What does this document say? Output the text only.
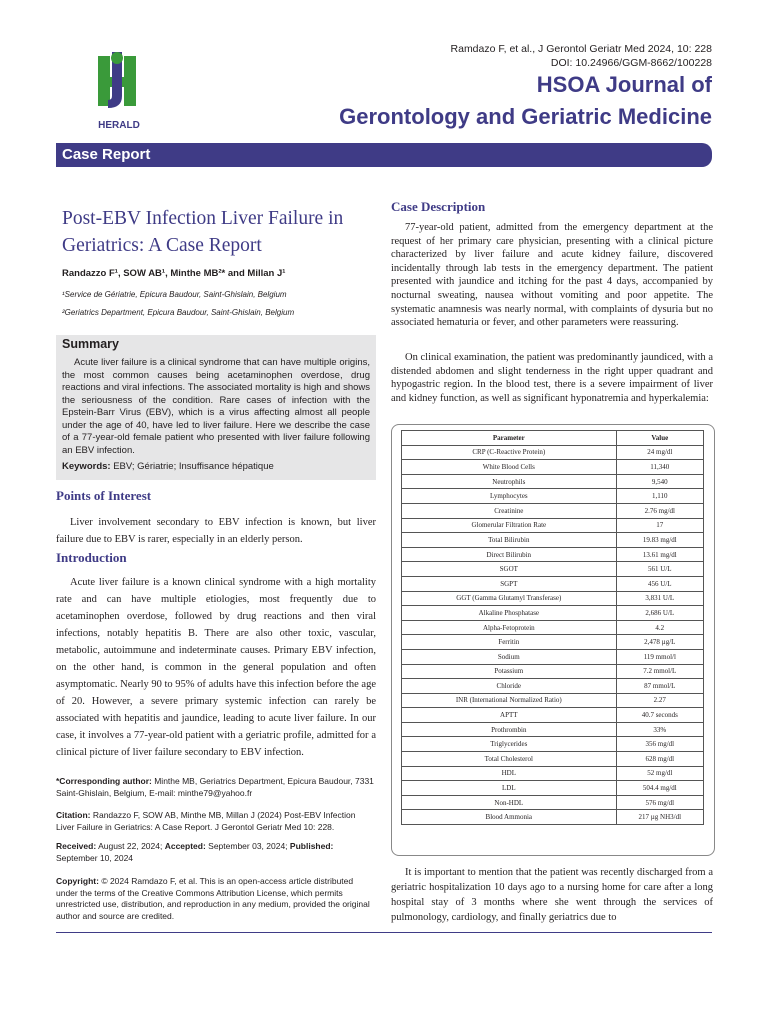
Ramdazo F, et al., J Gerontol Geriatr Med 2024, 10: 228
DOI: 10.24966/GGM-8662/100228
HERALD
HSOA Journal of
Gerontology and Geriatric Medicine
Case Report
Post-EBV Infection Liver Failure in Geriatrics: A Case Report
Randazzo F¹, SOW AB¹, Minthe MB²* and Millan J¹
¹Service de Gériatrie, Epicura Baudour, Saint-Ghislain, Belgium
²Geriatrics Department, Epicura Baudour, Saint-Ghislain, Belgium
Summary
Acute liver failure is a clinical syndrome that can have multiple origins, the most common causes being acetaminophen overdose, drug reactions and viral infections. The associated mortality is high and shows the seriousness of the condition. Rare cases of infection with the Epstein-Barr Virus (EBV), which is a virus affecting almost all people under the age of 40, have led to liver failure. Here we describe the case of a 77-year-old female patient who presented with liver failure following an EBV infection.
Keywords: EBV; Gériatrie; Insuffisance hépatique
Points of Interest
Liver involvement secondary to EBV infection is known, but liver failure due to EBV is rarer, especially in an elderly person.
Introduction
Acute liver failure is a known clinical syndrome with a high mortality rate and can have multiple etiologies, most frequently due to acetaminophen overdose, followed by drug reactions and then viral infections, notably hepatitis B. There are also other toxic, vascular, metabolic, autoimmune and indeterminate causes. Primary EBV infection, on the other hand, is common in the general population and often asymptomatic. Nearly 90 to 95% of adults have this infection before the age of 20. However, a severe primary systemic infection can rarely be associated with hepatitis and jaundice, leading to acute liver failure. In our case, it involves a 77-year-old patient with a geriatric profile, admitted for a clinical picture of liver failure secondary to EBV infection.
*Corresponding author: Minthe MB, Geriatrics Department, Epicura Baudour, 7331 Saint-Ghislain, Belgium, E-mail: minthe79@yahoo.fr
Citation: Randazzo F, SOW AB, Minthe MB, Millan J (2024) Post-EBV Infection Liver Failure in Geriatrics: A Case Report. J Gerontol Geriatr Med 10: 228.
Received: August 22, 2024; Accepted: September 03, 2024; Published: September 10, 2024
Copyright: © 2024 Ramdazo F, et al. This is an open-access article distributed under the terms of the Creative Commons Attribution License, which permits unrestricted use, distribution, and reproduction in any medium, provided the original author and source are credited.
Case Description
77-year-old patient, admitted from the emergency department at the request of her primary care physician, presenting with a clinical picture characterized by liver failure and acute kidney failure, discovered incidentally through lab tests in the emergency department. The patient presented with jaundice and itching for the past 4 days, accompanied by nocturnal sweating, nausea without vomiting and poor appetite. The systematic anamnesis was nearly normal, with complaints of dysuria but no associated hematuria or fever, and other parameters were reassuring.
On clinical examination, the patient was predominantly jaundiced, with a distended abdomen and slight tenderness in the right upper quadrant and hypogastric region. In the blood test, there is a severe impairment of liver and kidney function, as well as significant hyponatremia and hyperkalemia:
Parameter	Value
CRP (C-Reactive Protein)	24 mg/dl
White Blood Cells	11,340
Neutrophils	9,540
Lymphocytes	1,110
Creatinine	2.76 mg/dl
Glomerular Filtration Rate	17
Total Bilirubin	19.83 mg/dl
Direct Bilirubin	13.61 mg/dl
SGOT	561 U/L
SGPT	456 U/L
GGT (Gamma Glutamyl Transferase)	3,831 U/L
Alkaline Phosphatase	2,686 U/L
Alpha-Fetoprotein	4.2
Ferritin	2,478 µg/L
Sodium	119 mmol/l
Potassium	7.2 mmol/L
Chloride	87 mmol/L
INR (International Normalized Ratio)	2.27
APTT	40.7 seconds
Prothrombin	33%
Triglycerides	356 mg/dl
Total Cholesterol	628 mg/dl
HDL	52 mg/dl
LDL	504.4 mg/dl
Non-HDL	576 mg/dl
Blood Ammonia	217 µg NH3/dl
It is important to mention that the patient was recently discharged from a geriatric hospitalization 10 days ago to a nursing home for care after a long hospital stay of 3 months where she went through the services of pulmonology, cardiology, and finally geriatrics due to
